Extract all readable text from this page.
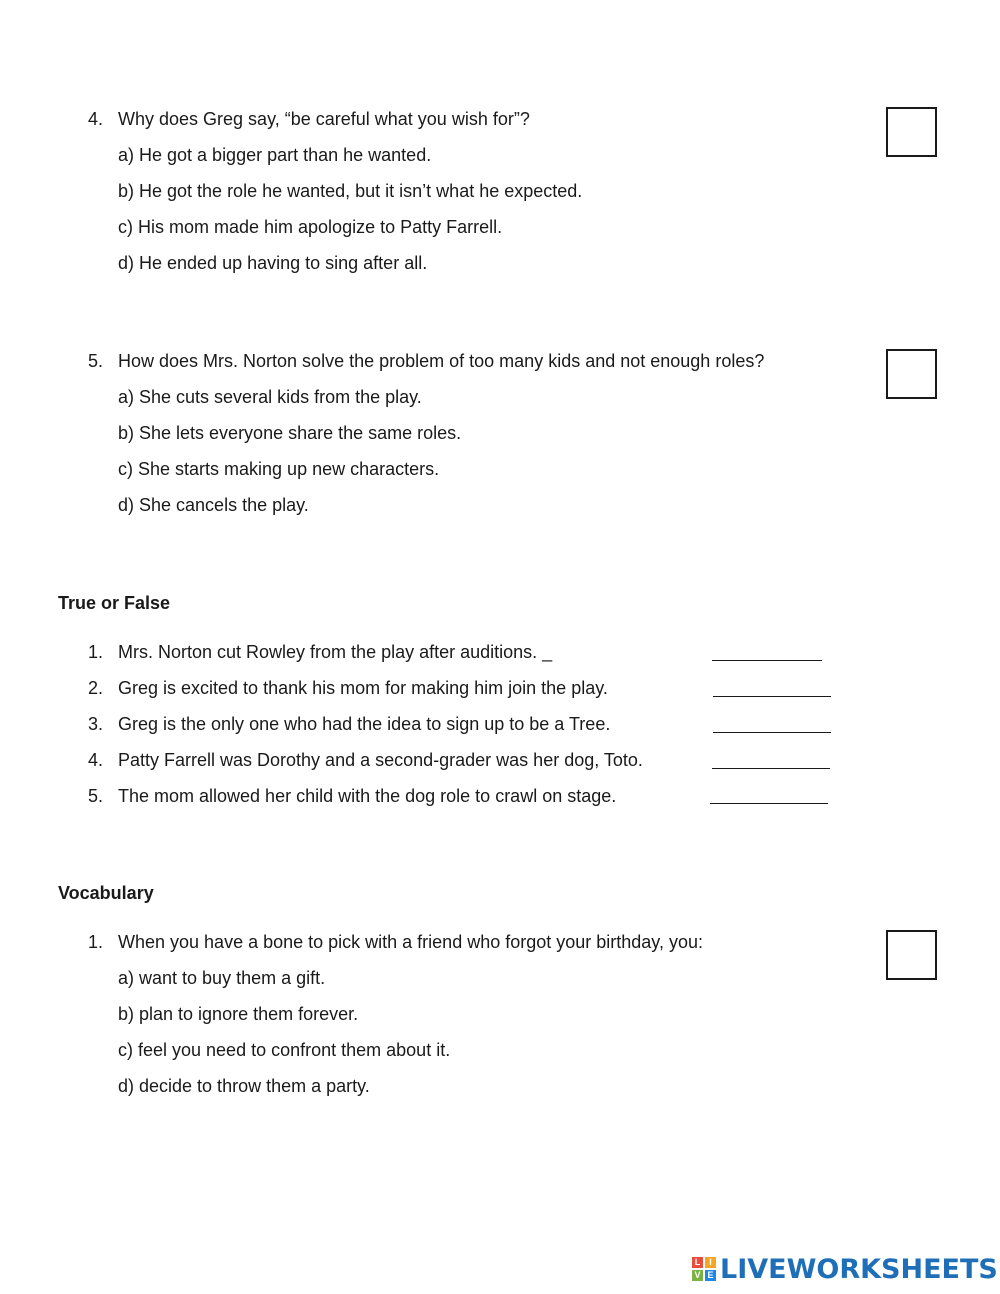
4. Why does Greg say, “be careful what you wish for”?
a) He got a bigger part than he wanted.
b) He got the role he wanted, but it isn’t what he expected.
c) His mom made him apologize to Patty Farrell.
d) He ended up having to sing after all.
5. How does Mrs. Norton solve the problem of too many kids and not enough roles?
a) She cuts several kids from the play.
b) She lets everyone share the same roles.
c) She starts making up new characters.
d) She cancels the play.
True or False
1. Mrs. Norton cut Rowley from the play after auditions. _
2. Greg is excited to thank his mom for making him join the play.
3. Greg is the only one who had the idea to sign up to be a Tree.
4. Patty Farrell was Dorothy and a second-grader was her dog, Toto.
5. The mom allowed her child with the dog role to crawl on stage.
Vocabulary
1. When you have a bone to pick with a friend who forgot your birthday, you:
a) want to buy them a gift.
b) plan to ignore them forever.
c) feel you need to confront them about it.
d) decide to throw them a party.
L I
V E LIVEWORKSHEETS
